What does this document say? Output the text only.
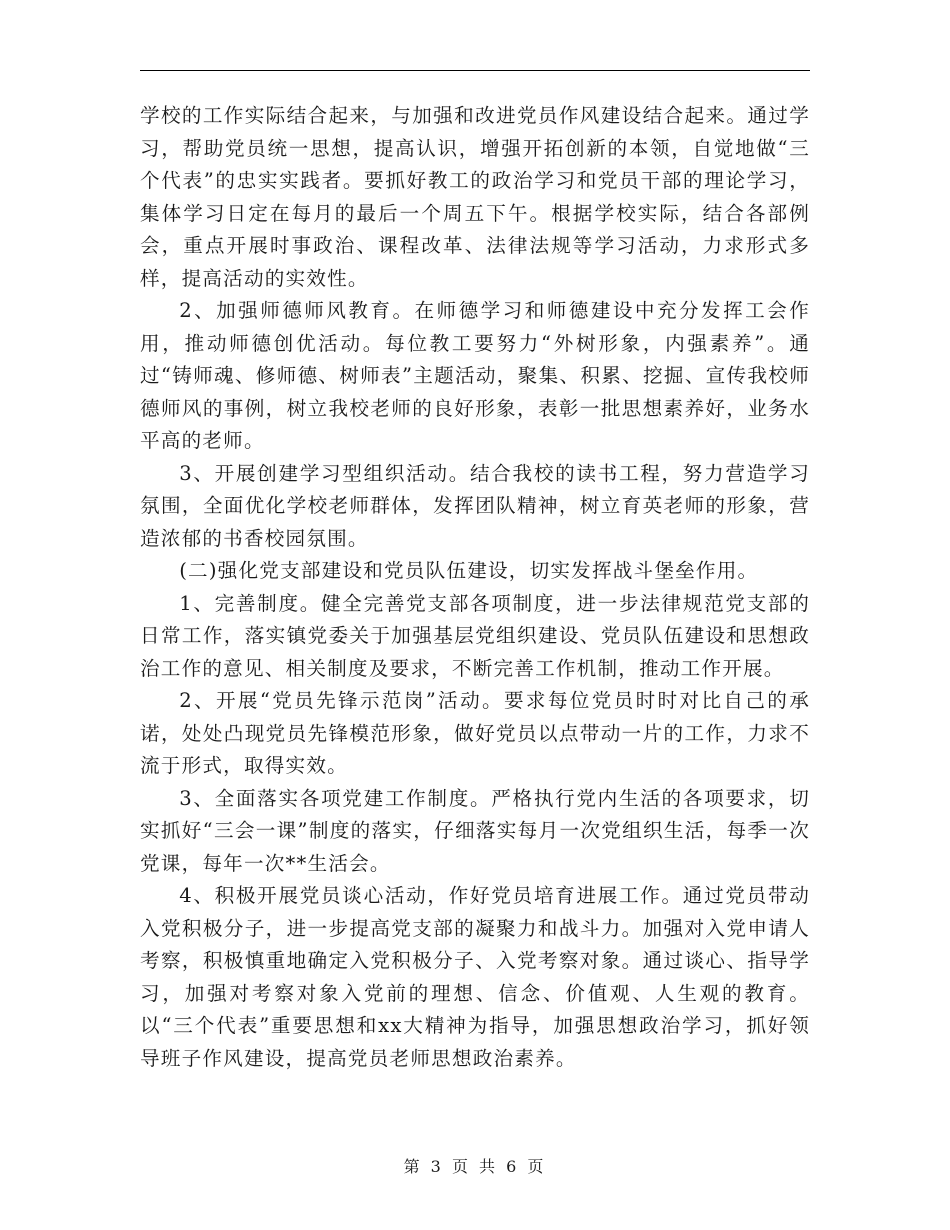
学校的工作实际结合起来，与加强和改进党员作风建设结合起来。通过学习，帮助党员统一思想，提高认识，增强开拓创新的本领，自觉地做“三个代表”的忠实实践者。要抓好教工的政治学习和党员干部的理论学习，集体学习日定在每月的最后一个周五下午。根据学校实际，结合各部例会，重点开展时事政治、课程改革、法律法规等学习活动，力求形式多样，提高活动的实效性。

2、加强师德师风教育。在师德学习和师德建设中充分发挥工会作用，推动师德创优活动。每位教工要努力“外树形象，内强素养”。通过“铸师魂、修师德、树师表”主题活动，聚集、积累、挖掘、宣传我校师德师风的事例，树立我校老师的良好形象，表彰一批思想素养好，业务水平高的老师。

3、开展创建学习型组织活动。结合我校的读书工程，努力营造学习氛围，全面优化学校老师群体，发挥团队精神，树立育英老师的形象，营造浓郁的书香校园氛围。

(二)强化党支部建设和党员队伍建设，切实发挥战斗堡垒作用。

1、完善制度。健全完善党支部各项制度，进一步法律规范党支部的日常工作，落实镇党委关于加强基层党组织建设、党员队伍建设和思想政治工作的意见、相关制度及要求，不断完善工作机制，推动工作开展。

2、开展“党员先锋示范岗”活动。要求每位党员时时对比自己的承诺，处处凸现党员先锋模范形象，做好党员以点带动一片的工作，力求不流于形式，取得实效。

3、全面落实各项党建工作制度。严格执行党内生活的各项要求，切实抓好“三会一课”制度的落实，仔细落实每月一次党组织生活，每季一次党课，每年一次**生活会。

4、积极开展党员谈心活动，作好党员培育进展工作。通过党员带动入党积极分子，进一步提高党支部的凝聚力和战斗力。加强对入党申请人考察，积极慎重地确定入党积极分子、入党考察对象。通过谈心、指导学习，加强对考察对象入党前的理想、信念、价值观、人生观的教育。以“三个代表”重要思想和xx大精神为指导，加强思想政治学习，抓好领导班子作风建设，提高党员老师思想政治素养。

第 3 页 共 6 页
